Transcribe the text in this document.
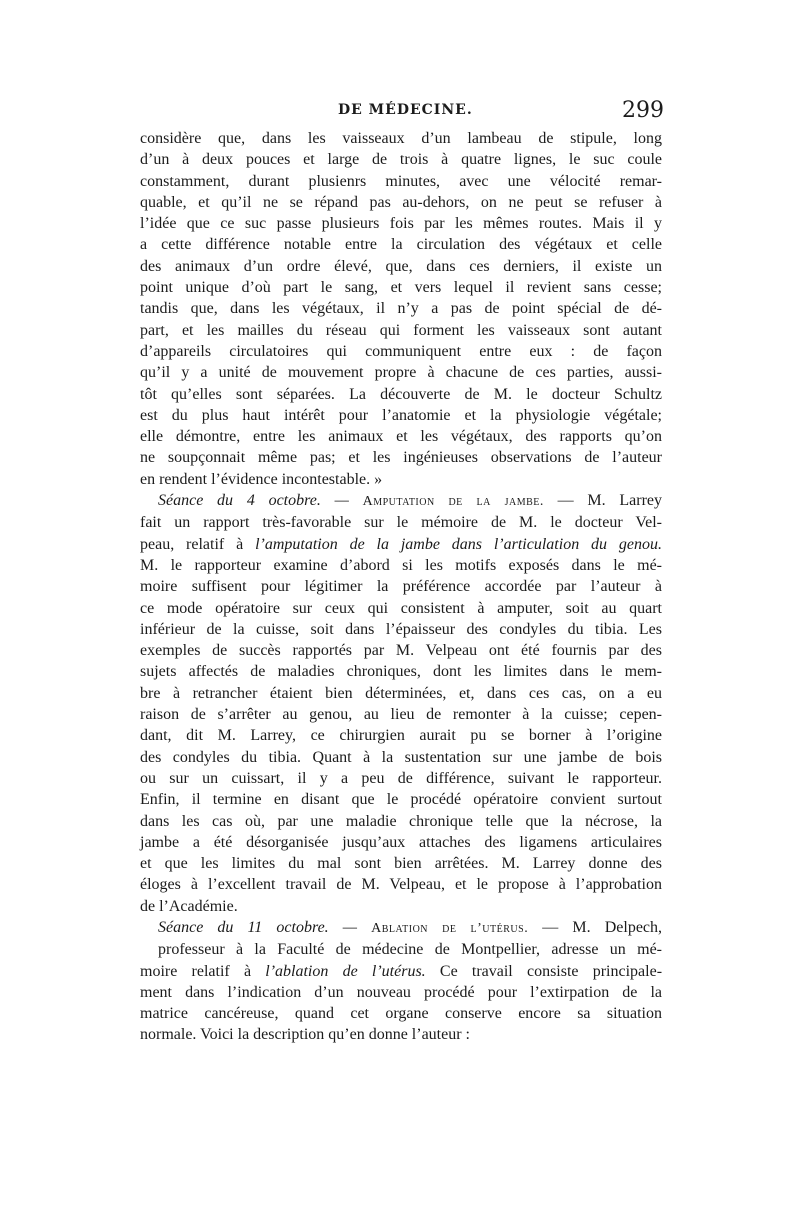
DE MÉDECINE.	299
considère que, dans les vaisseaux d’un lambeau de stipule, long
d’un à deux pouces et large de trois à quatre lignes, le suc coule
constamment, durant plusienrs minutes, avec une vélocité remar-
quable, et qu’il ne se répand pas au-dehors, on ne peut se refuser à
l’idée que ce suc passe plusieurs fois par les mêmes routes. Mais il y
a cette différence notable entre la circulation des végétaux et celle
des animaux d’un ordre élevé, que, dans ces derniers, il existe un
point unique d’où part le sang, et vers lequel il revient sans cesse;
tandis que, dans les végétaux, il n’y a pas de point spécial de dé-
part, et les mailles du réseau qui forment les vaisseaux sont autant
d’appareils circulatoires qui communiquent entre eux : de façon
qu’il y a unité de mouvement propre à chacune de ces parties, aussi-
tôt qu’elles sont séparées. La découverte de M. le docteur Schultz
est du plus haut intérêt pour l’anatomie et la physiologie végétale;
elle démontre, entre les animaux et les végétaux, des rapports qu’on
ne soupçonnait même pas; et les ingénieuses observations de l’auteur
en rendent l’évidence incontestable. »
Séance du 4 octobre. — Amputation de la jambe. — M. Larrey
fait un rapport très-favorable sur le mémoire de M. le docteur Vel-
peau, relatif à l’amputation de la jambe dans l’articulation du genou.
M. le rapporteur examine d’abord si les motifs exposés dans le mé-
moire suffisent pour légitimer la préférence accordée par l’auteur à
ce mode opératoire sur ceux qui consistent à amputer, soit au quart
inférieur de la cuisse, soit dans l’épaisseur des condyles du tibia. Les
exemples de succès rapportés par M. Velpeau ont été fournis par des
sujets affectés de maladies chroniques, dont les limites dans le mem-
bre à retrancher étaient bien déterminées, et, dans ces cas, on a eu
raison de s’arrêter au genou, au lieu de remonter à la cuisse; cepen-
dant, dit M. Larrey, ce chirurgien aurait pu se borner à l’origine
des condyles du tibia. Quant à la sustentation sur une jambe de bois
ou sur un cuissart, il y a peu de différence, suivant le rapporteur.
Enfin, il termine en disant que le procédé opératoire convient surtout
dans les cas où, par une maladie chronique telle que la nécrose, la
jambe a été désorganisée jusqu’aux attaches des ligamens articulaires
et que les limites du mal sont bien arrêtées. M. Larrey donne des
éloges à l’excellent travail de M. Velpeau, et le propose à l’approbation
de l’Académie.
Séance du 11 octobre. — Ablation de l’utérus. — M. Delpech,
professeur à la Faculté de médecine de Montpellier, adresse un mé-
moire relatif à l’ablation de l’utérus. Ce travail consiste principale-
ment dans l’indication d’un nouveau procédé pour l’extirpation de la
matrice cancéreuse, quand cet organe conserve encore sa situation
normale. Voici la description qu’en donne l’auteur :
